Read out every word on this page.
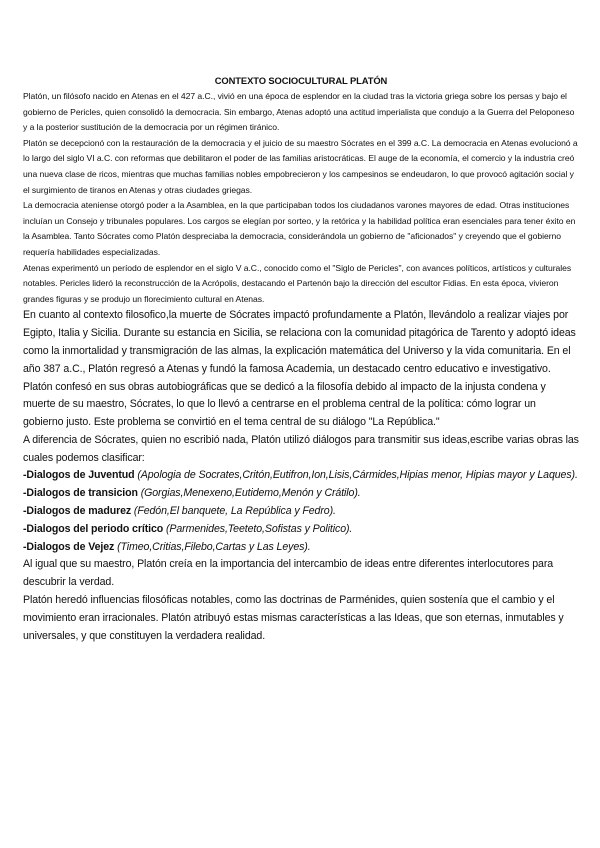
CONTEXTO SOCIOCULTURAL PLATÓN

Platón, un filósofo nacido en Atenas en el 427 a.C., vivió en una época de esplendor en la ciudad tras la victoria griega sobre los persas y bajo el gobierno de Pericles, quien consolidó la democracia. Sin embargo, Atenas adoptó una actitud imperialista que condujo a la Guerra del Peloponeso y a la posterior sustitución de la democracia por un régimen tiránico.

Platón se decepcionó con la restauración de la democracia y el juicio de su maestro Sócrates en el 399 a.C. La democracia en Atenas evolucionó a lo largo del siglo VI a.C. con reformas que debilitaron el poder de las familias aristocráticas. El auge de la economía, el comercio y la industria creó una nueva clase de ricos, mientras que muchas familias nobles empobrecieron y los campesinos se endeudaron, lo que provocó agitación social y el surgimiento de tiranos en Atenas y otras ciudades griegas.

La democracia ateniense otorgó poder a la Asamblea, en la que participaban todos los ciudadanos varones mayores de edad. Otras instituciones incluían un Consejo y tribunales populares. Los cargos se elegían por sorteo, y la retórica y la habilidad política eran esenciales para tener éxito en la Asamblea. Tanto Sócrates como Platón despreciaba la democracia, considerándola un gobierno de "aficionados" y creyendo que el gobierno requería habilidades especializadas.

Atenas experimentó un período de esplendor en el siglo V a.C., conocido como el "Siglo de Pericles", con avances políticos, artísticos y culturales notables. Pericles lideró la reconstrucción de la Acrópolis, destacando el Partenón bajo la dirección del escultor Fidias. En esta época, vivieron grandes figuras y se produjo un florecimiento cultural en Atenas.

En cuanto al contexto filosofico,la muerte de Sócrates impactó profundamente a Platón, llevándolo a realizar viajes por Egipto, Italia y Sicilia. Durante su estancia en Sicilia, se relaciona con la comunidad pitagórica de Tarento y adoptó ideas como la inmortalidad y transmigración de las almas, la explicación matemática del Universo y la vida comunitaria. En el año 387 a.C., Platón regresó a Atenas y fundó la famosa Academia, un destacado centro educativo e investigativo.

Platón confesó en sus obras autobiográficas que se dedicó a la filosofía debido al impacto de la injusta condena y muerte de su maestro, Sócrates, lo que lo llevó a centrarse en el problema central de la política: cómo lograr un gobierno justo. Este problema se convirtió en el tema central de su diálogo "La República."

A diferencia de Sócrates, quien no escribió nada, Platón utilizó diálogos para transmitir sus ideas,escribe varias obras las cuales podemos clasificar:

-Dialogos de Juventud (Apologia de Socrates,Critón,Eutifron,Ion,Lisis,Cármides,Hipias menor, Hipias mayor y Laques).

-Dialogos de transicion (Gorgias,Menexeno,Eutidemo,Menón y Crátilo).

-Dialogos de madurez (Fedón,El banquete, La República y Fedro).

-Dialogos del periodo crítico (Parmenides,Teeteto,Sofistas y Politico).

-Dialogos de Vejez (Timeo,Critias,Filebo,Cartas y Las Leyes).

Al igual que su maestro, Platón creía en la importancia del intercambio de ideas entre diferentes interlocutores para descubrir la verdad.

Platón heredó influencias filosóficas notables, como las doctrinas de Parménides, quien sostenía que el cambio y el movimiento eran irracionales. Platón atribuyó estas mismas características a las Ideas, que son eternas, inmutables y universales, y que constituyen la verdadera realidad.
